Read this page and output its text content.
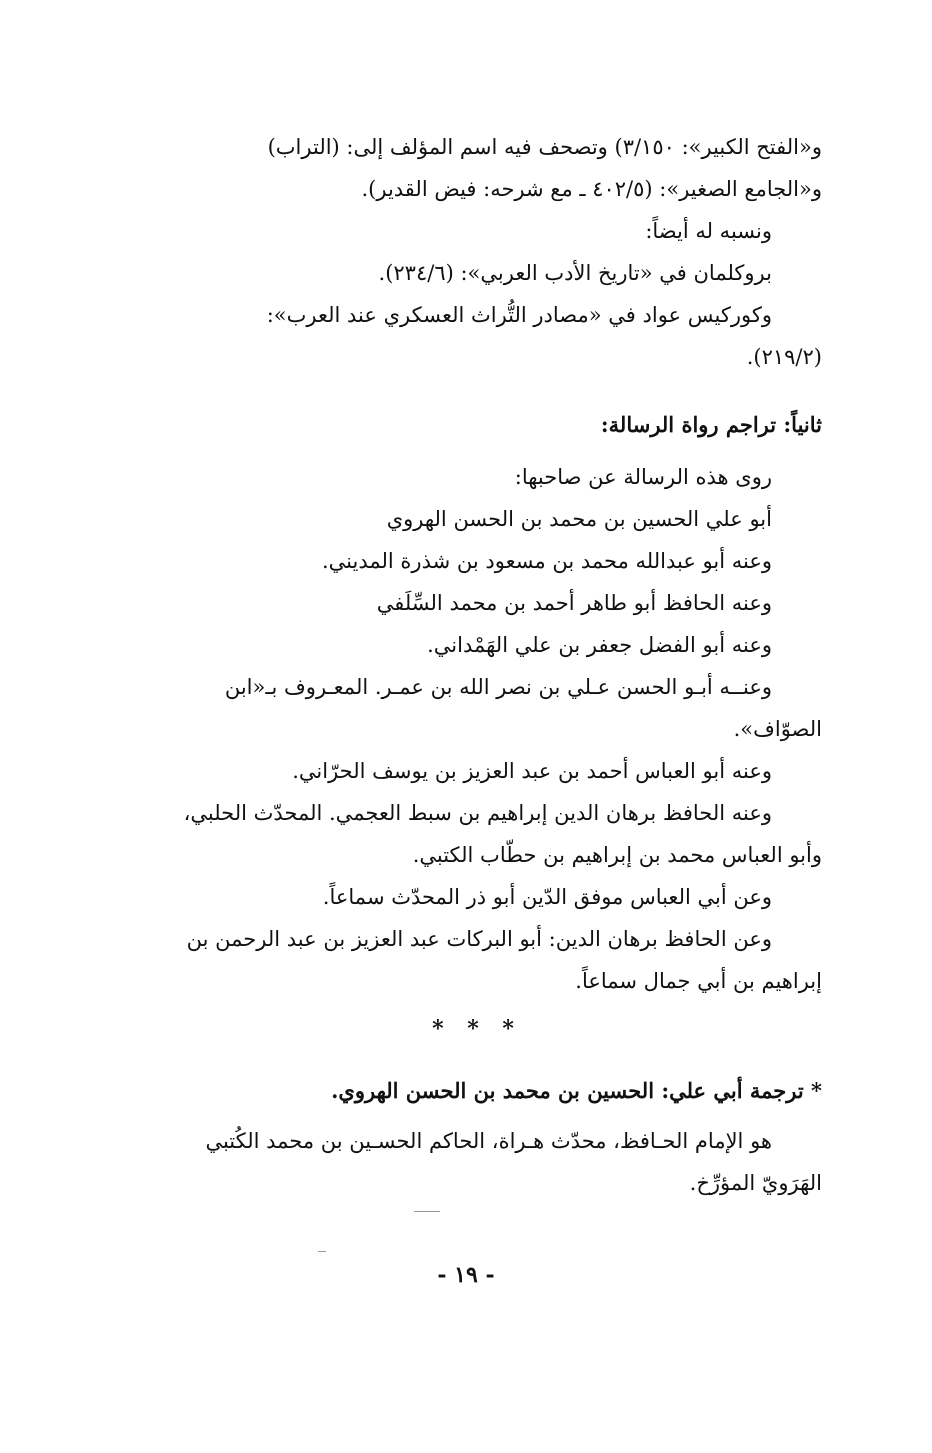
و«الفتح الكبير»: ٣/١٥٠) وتصحف فيه اسم المؤلف إلى: (التراب)
و«الجامع الصغير»: (٤٠٢/٥ ـ مع شرحه: فيض القدير).
ونسبه له أيضاً:
بروكلمان في «تاريخ الأدب العربي»: (٢٣٤/٦).
وكوركيس عواد في «مصادر التُّراث العسكري عند العرب»:
(٢١٩/٢).
ثانياً: تراجم رواة الرسالة:
روى هذه الرسالة عن صاحبها:
أبو علي الحسين بن محمد بن الحسن الهروي
وعنه أبو عبدالله محمد بن مسعود بن شذرة المديني.
وعنه الحافظ أبو طاهر أحمد بن محمد السِّلَفي
وعنه أبو الفضل جعفر بن علي الهَمْداني.
وعنــه أبـو الحسن عـلي بن نصر الله بن عمـر. المعـروف بـ«ابن
الصوّاف».
وعنه أبو العباس أحمد بن عبد العزيز بن يوسف الحرّاني.
وعنه الحافظ برهان الدين إبراهيم بن سبط العجمي. المحدّث الحلبي،
وأبو العباس محمد بن إبراهيم بن حطّاب الكتبي.
وعن أبي العباس موفق الدّين أبو ذر المحدّث سماعاً.
وعن الحافظ برهان الدين: أبو البركات عبد العزيز بن عبد الرحمن بن
إبراهيم بن أبي جمال سماعاً.
* * *
* ترجمة أبي علي: الحسين بن محمد بن الحسن الهروي.
هو الإمام الحـافظ، محدّث هـراة، الحاكم الحسـين بن محمد الكُتبي
الهَرَويّ المؤرِّخ.
- ١٩ -
